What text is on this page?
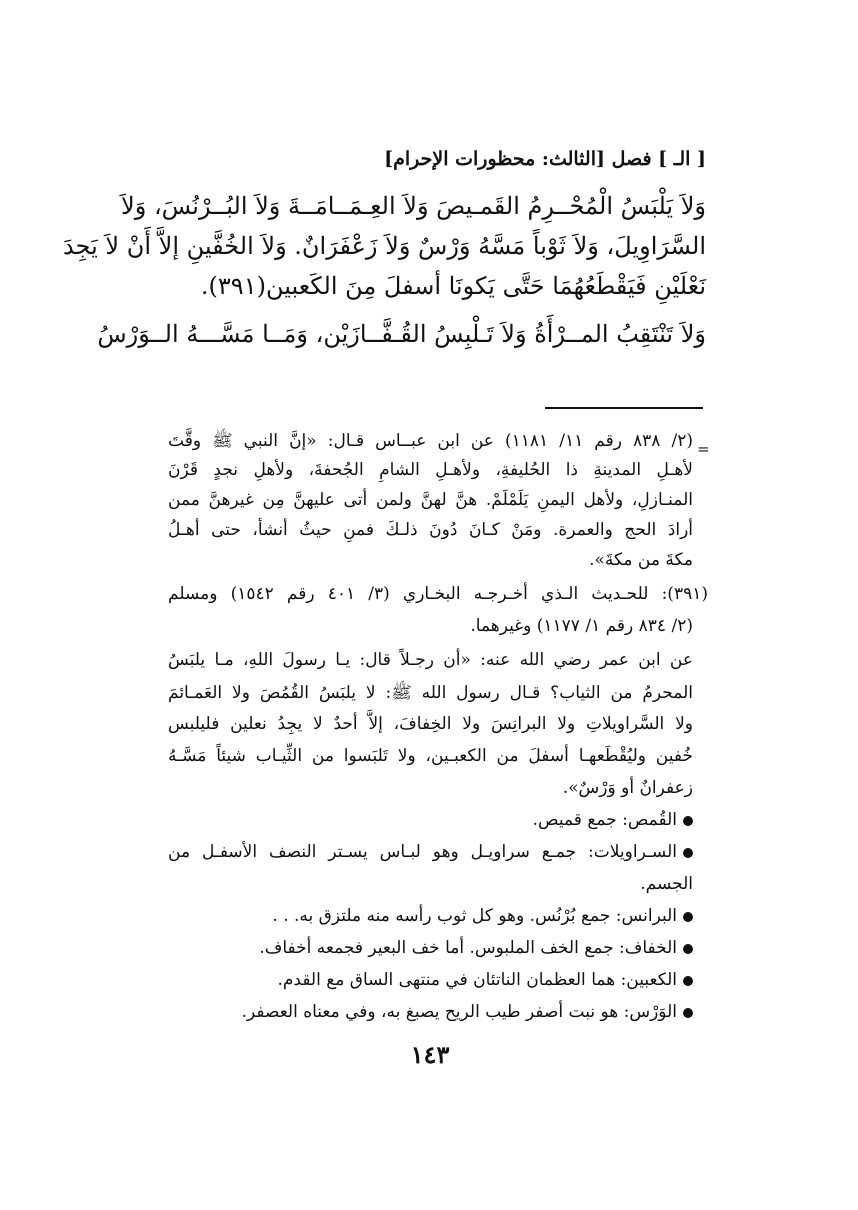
[ الـ ] فصل [الثالث: محظورات الإحرام]
وَلاَ يَلْبَسُ الْمُحْــرِمُ القَمـيصَ وَلاَ العِـمَــامَــةَ وَلاَ البُــرْنُسَ، وَلاَ
السَّرَاوِيلَ، وَلاَ ثَوْباً مَسَّهُ وَرْسٌ وَلاَ زَعْفَرَانٌ. وَلاَ الخُفَّينِ إلاَّ أَنْ لاَ يَجِدَ
نَعْلَيْنِ فَيَقْطَعُهُمَا حَتَّى يَكونَا أسفلَ مِنَ الكَعبين(٣٩١).
وَلاَ تَنْتَقِبُ المــرْأَةُ وَلاَ تَـلْبِسُ القُـفَّــازَيْن، وَمَــا مَسَّـــهُ الــوَرْسُ
=
(٢/ ٨٣٨ رقم ١١/ ١١٨١) عن ابن عبــاس قـال: «إنَّ النبي ﷺ وقَّتَ
لأهـلِ المدينةِ ذا الحُليفةِ، ولأهـلِ الشامِ الجُحفةَ، ولأهلِ نجدٍ قَرْنَ
المنـازلِ، ولأهل اليمنِ يَلَمْلَمْ. هنَّ لهنَّ ولمن أتى عليهنَّ مِن غيرهنَّ ممن
أرادَ الحج والعمرة. ومَنْ كـانَ دُونَ ذلـكَ فمنِ حيثُ أنشأ، حتى أهـلُ
مكةَ من مكةَ».
(٣٩١): للحـديث الـذي أخـرجـه البخـاري (٣/ ٤٠١ رقم ١٥٤٢) ومسلم
(٢/ ٨٣٤ رقم ١/ ١١٧٧) وغيرهما.
عن ابن عمر رضي الله عنه: «أن رجـلاً قال: يـا رسولَ اللهِ، مـا يلبَسُ
المحرمُ من الثياب؟ قـال رسول الله ﷺ: لا يلبَسُ القُمُصَ ولا العَمـائمَ
ولا السَّراويلاتِ ولا البرانِسَ ولا الخِفافَ، إلاَّ أحدٌ لا يجِدُ نعلين فليلبس
خُفين وليُقْطَعهـا أسفلَ من الكعبـين، ولا تَلبَسوا من الثِّيـاب شيئاً مَسَّـهُ
زعفرانٌ أو وَرْسٌ».
القُمص: جمع قميص.
السـراويلات: جمـع سراويـل وهو لبـاس يسـتر النصف الأسفـل من
الجسم.
البرانس: جمع بُرْنُس. وهو كل ثوب رأسه منه ملتزق به. . .
الخفاف: جمع الخف الملبوس. أما خف البعير فجمعه أخفاف.
الكعبين: هما العظمان الناتئان في منتهى الساق مع القدم.
الوَرْس: هو نبت أصفر طيب الريح يصبغ به، وفي معناه العصفر.
١٤٣
